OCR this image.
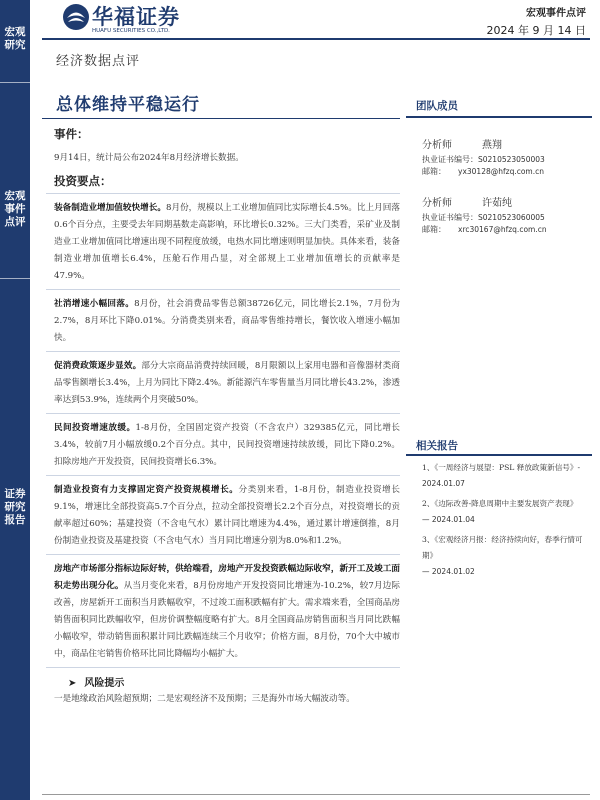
宏观研究
宏观事件点评
证券研究报告
华福证券
HUAFU SECURITIES CO.,LTD.
宏观事件点评
2024 年 9 月 14 日
经济数据点评
总体维持平稳运行
事件：
9月14日，统计局公布2024年8月经济增长数据。
投资要点：
装备制造业增加值较快增长。8月份，规模以上工业增加值同比实际增长4.5%。比上月回落0.6个百分点，主要受去年同期基数走高影响，环比增长0.32%。三大门类看，采矿业及制造业工业增加值同比增速出现不同程度放缓，电热水同比增速则明显加快。具体来看，装备制造业增加值增长6.4%，压舱石作用凸显，对全部规上工业增加值增长的贡献率是47.9%。
社消增速小幅回落。8月份，社会消费品零售总额38726亿元，同比增长2.1%，7月份为2.7%，8月环比下降0.01%。分消费类别来看，商品零售维持增长，餐饮收入增速小幅加快。
促消费政策逐步显效。部分大宗商品消费持续回暖，8月限额以上家用电器和音像器材类商品零售额增长3.4%，上月为同比下降2.4%。新能源汽车零售量当月同比增长43.2%，渗透率达到53.9%，连续两个月突破50%。
民间投资增速放缓。1-8月份，全国固定资产投资（不含农户）329385亿元，同比增长3.4%，较前7月小幅放缓0.2个百分点。其中，民间投资增速持续放缓，同比下降0.2%。扣除房地产开发投资，民间投资增长6.3%。
制造业投资有力支撑固定资产投资规模增长。分类别来看，1-8月份，制造业投资增长9.1%，增速比全部投资高5.7个百分点，拉动全部投资增长2.2个百分点，对投资增长的贡献率超过60%；基建投资（不含电气水）累计同比增速为4.4%，通过累计增速倒推，8月份制造业投资及基建投资（不含电气水）当月同比增速分别为8.0%和1.2%。
房地产市场部分指标边际好转，供给端看，房地产开发投资跌幅边际收窄，新开工及竣工面积走势出现分化。从当月变化来看，8月份房地产开发投资同比增速为-10.2%，较7月边际改善，房屋新开工面积当月跌幅收窄，不过竣工面积跌幅有扩大。需求端来看，全国商品房销售面积同比跌幅收窄，但房价调整幅度略有扩大。8月全国商品房销售面积当月同比跌幅小幅收窄，带动销售面积累计同比跌幅连续三个月收窄；价格方面，8月份，70个大中城市中，商品住宅销售价格环比同比降幅均小幅扩大。
➤ 风险提示
一是地缘政治风险超预期；二是宏观经济不及预期；三是海外市场大幅波动等。
团队成员
分析师	燕翔
执业证书编号：S0210523050003
邮箱： yx30128@hfzq.com.cn
分析师	许茹纯
执业证书编号：S0210523060005
邮箱： xrc30167@hfzq.com.cn
相关报告
1、《一周经济与展望：PSL 释放政策新信号》-
2024.01.07
2、《边际改善-降息周期中主要发展资产表现》
— 2024.01.04
3、《宏观经济月报：经济持续向好，春季行情可期》
— 2024.01.02
